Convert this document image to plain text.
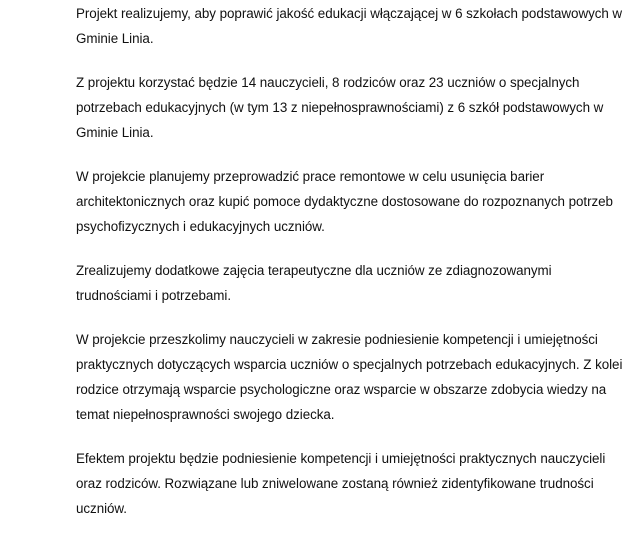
Projekt realizujemy, aby poprawić jakość edukacji włączającej w 6 szkołach podstawowych w
Gminie Linia.

Z projektu korzystać będzie 14 nauczycieli, 8 rodziców oraz 23 uczniów o specjalnych
potrzebach edukacyjnych (w tym 13 z niepełnosprawnościami) z 6 szkół podstawowych w
Gminie Linia.

W projekcie planujemy przeprowadzić prace remontowe w celu usunięcia barier
architektonicznych oraz kupić pomoce dydaktyczne dostosowane do rozpoznanych potrzeb
psychofizycznych i edukacyjnych uczniów.

Zrealizujemy dodatkowe zajęcia terapeutyczne dla uczniów ze zdiagnozowanymi
trudnościami i potrzebami.

W projekcie przeszkolimy nauczycieli w zakresie podniesienie kompetencji i umiejętności
praktycznych dotyczących wsparcia uczniów o specjalnych potrzebach edukacyjnych. Z kolei
rodzice otrzymają wsparcie psychologiczne oraz wsparcie w obszarze zdobycia wiedzy na
temat niepełnosprawności swojego dziecka.

Efektem projektu będzie podniesienie kompetencji i umiejętności praktycznych nauczycieli
oraz rodziców. Rozwiązane lub zniwelowane zostaną również zidentyfikowane trudności
uczniów.
